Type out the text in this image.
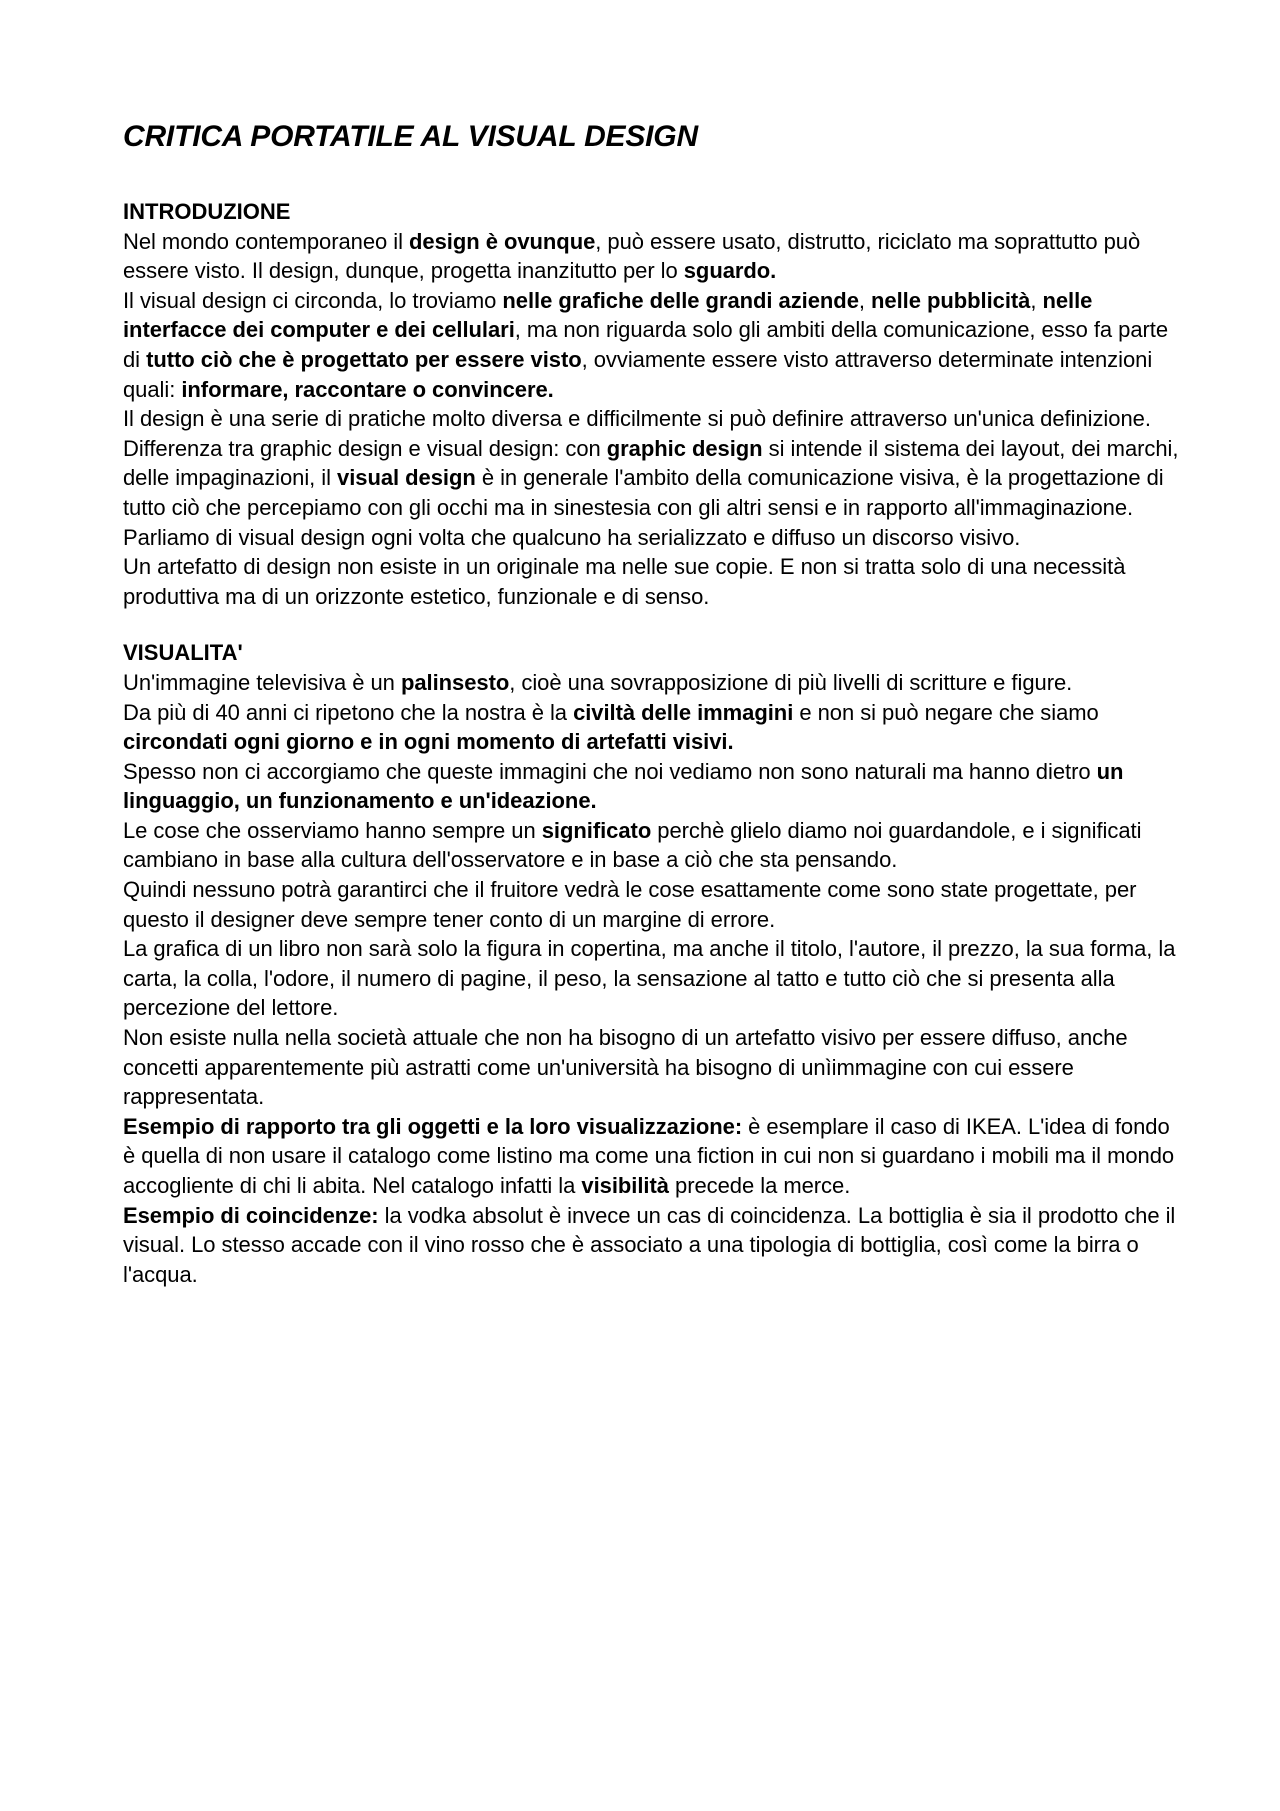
CRITICA PORTATILE AL VISUAL DESIGN
INTRODUZIONE

Nel mondo contemporaneo il design è ovunque, può essere usato, distrutto, riciclato ma soprattutto può essere visto. Il design, dunque, progetta inanzitutto per lo sguardo.

Il visual design ci circonda, lo troviamo nelle grafiche delle grandi aziende, nelle pubblicità, nelle interfacce dei computer e dei cellulari, ma non riguarda solo gli ambiti della comunicazione, esso fa parte di tutto ciò che è progettato per essere visto, ovviamente essere visto attraverso determinate intenzioni quali: informare, raccontare o convincere.

Il design è una serie di pratiche molto diversa e difficilmente si può definire attraverso un'unica definizione.

Differenza tra graphic design e visual design: con graphic design si intende il sistema dei layout, dei marchi, delle impaginazioni, il visual design è in generale l'ambito della comunicazione visiva, è la progettazione di tutto ciò che percepiamo con gli occhi ma in sinestesia con gli altri sensi e in rapporto all'immaginazione.

Parliamo di visual design ogni volta che qualcuno ha serializzato e diffuso un discorso visivo.

Un artefatto di design non esiste in un originale ma nelle sue copie. E non si tratta solo di una necessità produttiva ma di un orizzonte estetico, funzionale e di senso.

VISUALITA'

Un'immagine televisiva è un palinsesto, cioè una sovrapposizione di più livelli di scritture e figure.

Da più di 40 anni ci ripetono che la nostra è la civiltà delle immagini e non si può negare che siamo circondati ogni giorno e in ogni momento di artefatti visivi.

Spesso non ci accorgiamo che queste immagini che noi vediamo non sono naturali ma hanno dietro un linguaggio, un funzionamento e un'ideazione.

Le cose che osserviamo hanno sempre un significato perchè glielo diamo noi guardandole, e i significati cambiano in base alla cultura dell'osservatore e in base a ciò che sta pensando.

Quindi nessuno potrà garantirci che il fruitore vedrà le cose esattamente come sono state progettate, per questo il designer deve sempre tener conto di un margine di errore.

La grafica di un libro non sarà solo la figura in copertina, ma anche il titolo, l'autore, il prezzo, la sua forma, la carta, la colla, l'odore, il numero di pagine, il peso, la sensazione al tatto e tutto ciò che si presenta alla percezione del lettore.

Non esiste nulla nella società attuale che non ha bisogno di un artefatto visivo per essere diffuso, anche concetti apparentemente più astratti come un'università ha bisogno di unìimmagine con cui essere rappresentata.

Esempio di rapporto tra gli oggetti e la loro visualizzazione: è esemplare il caso di IKEA. L'idea di fondo è quella di non usare il catalogo come listino ma come una fiction in cui non si guardano i mobili ma il mondo accogliente di chi li abita. Nel catalogo infatti la visibilità precede la merce.

Esempio di coincidenze: la vodka absolut è invece un cas di coincidenza. La bottiglia è sia il prodotto che il visual. Lo stesso accade con il vino rosso che è associato a una tipologia di bottiglia, così come la birra o l'acqua.
